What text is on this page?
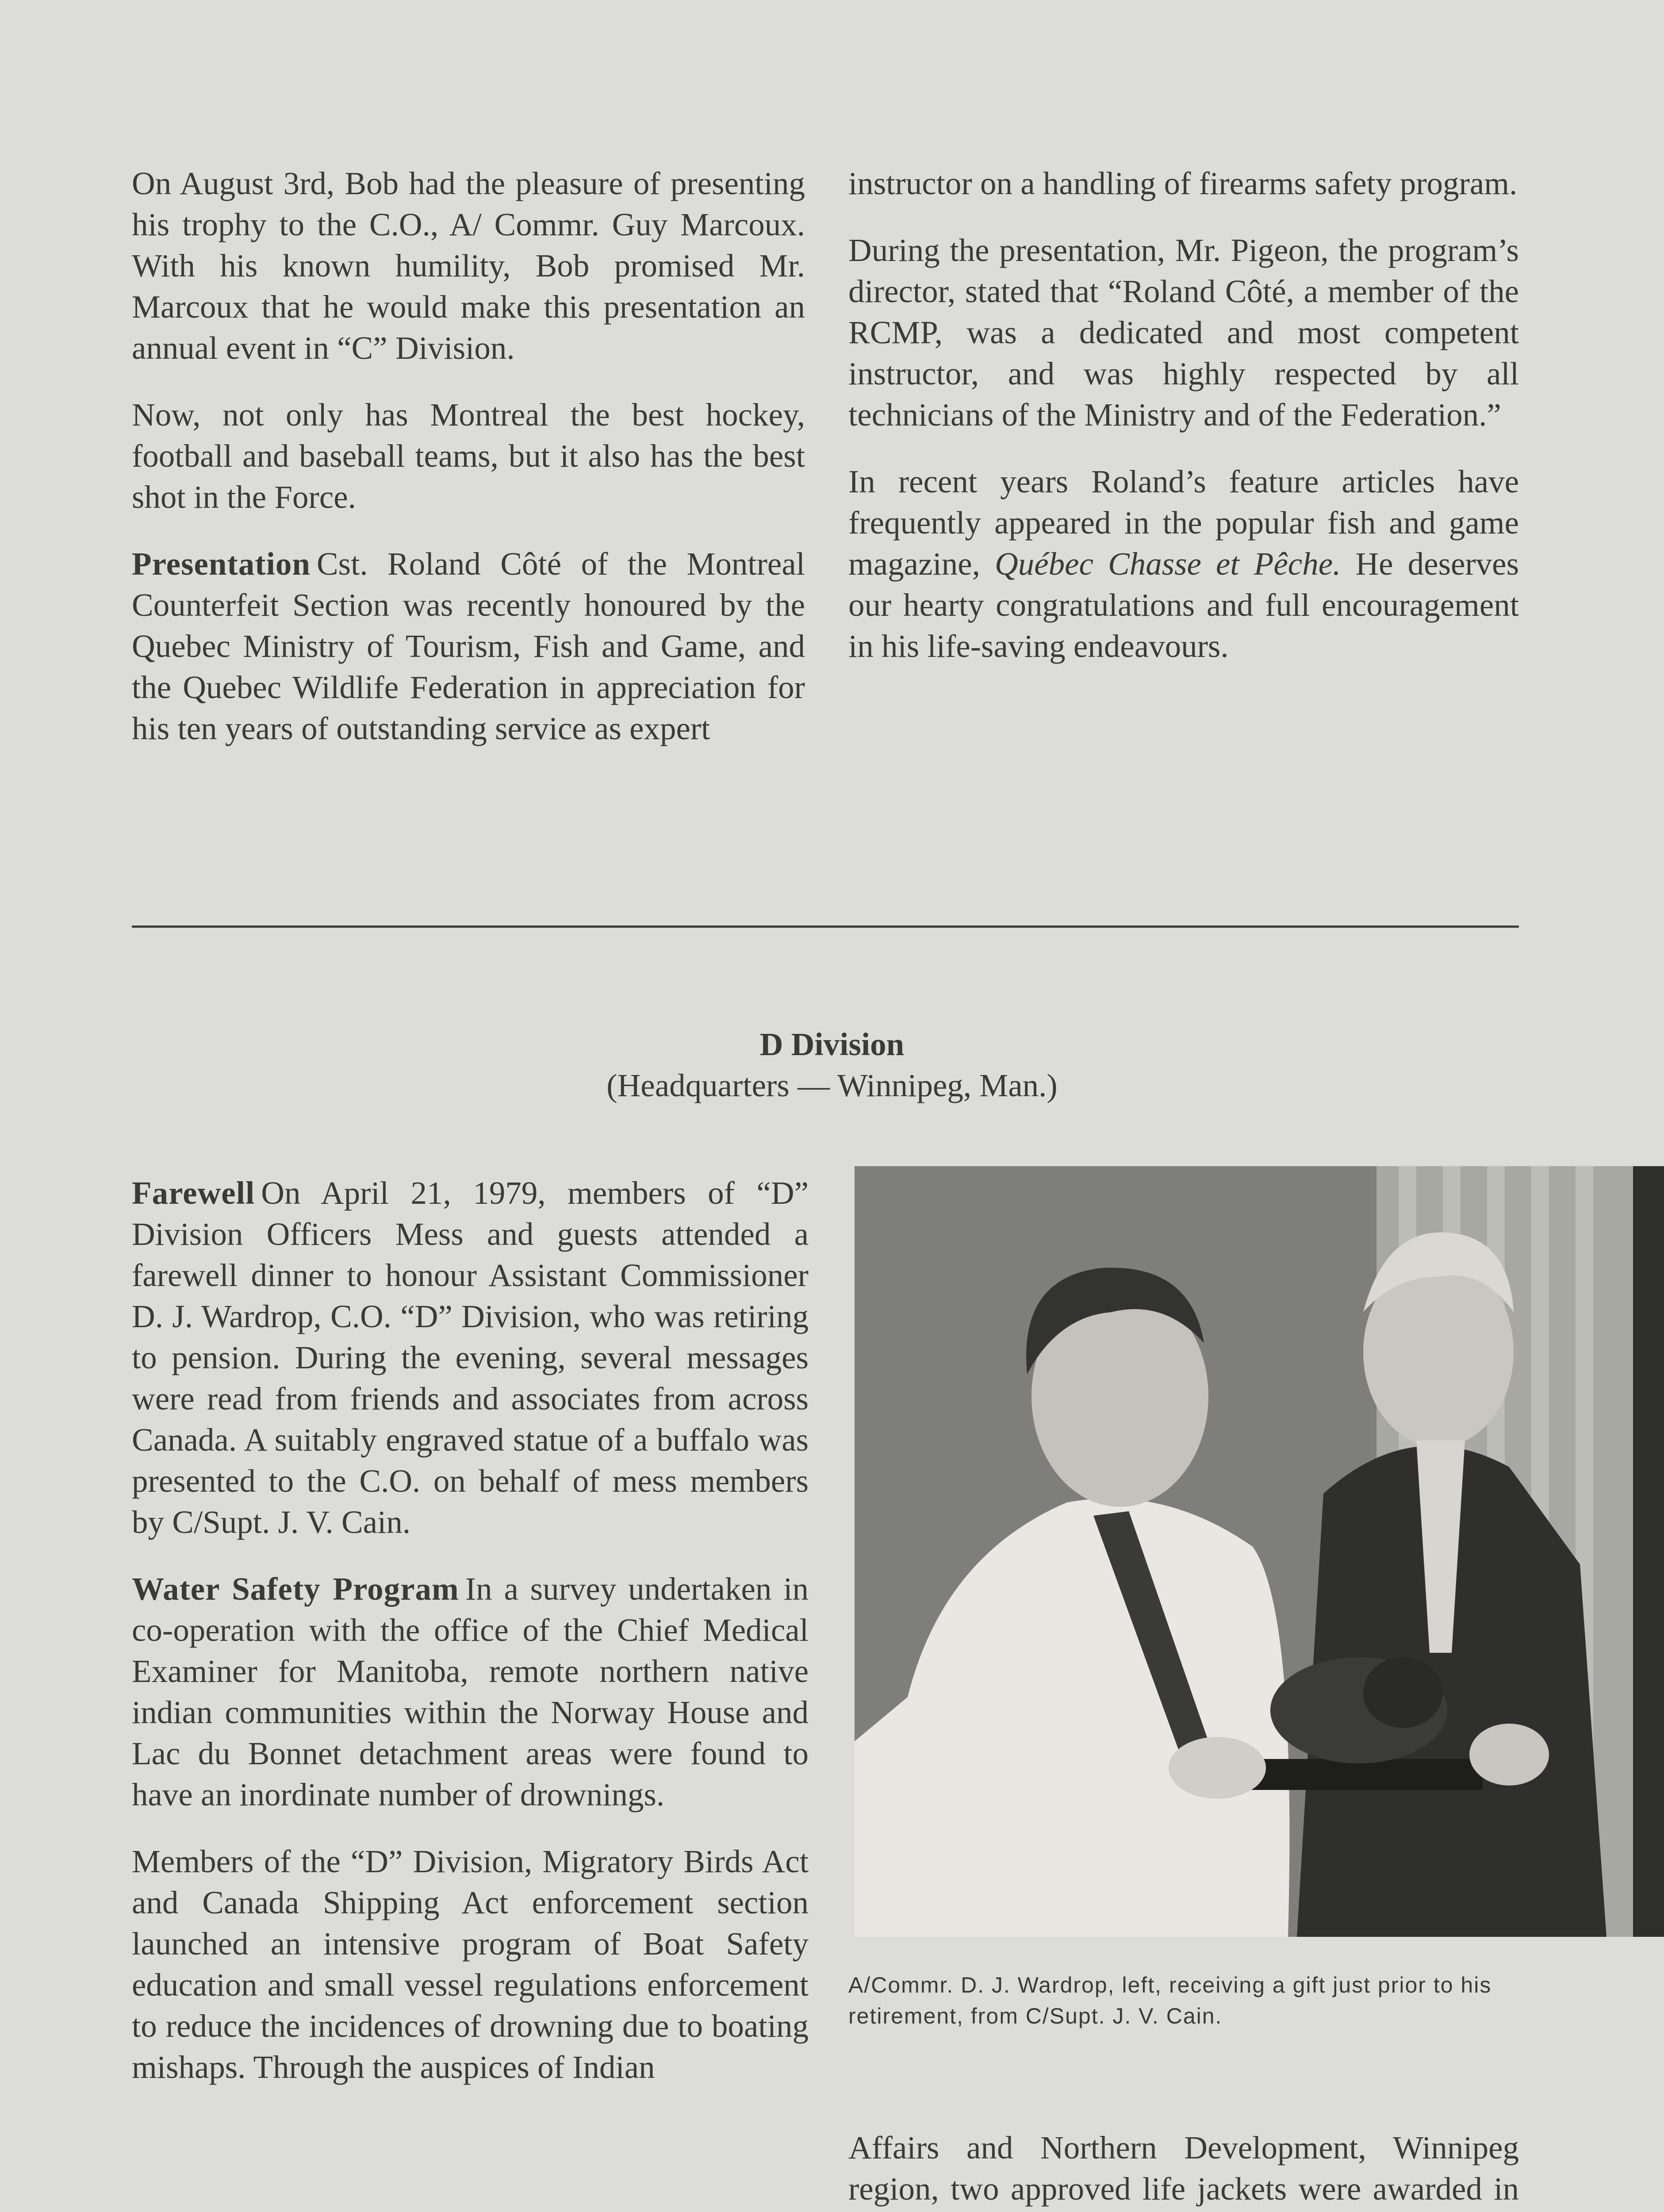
On August 3rd, Bob had the pleasure of presenting his trophy to the C.O., A/ Commr. Guy Marcoux. With his known humility, Bob promised Mr. Marcoux that he would make this presentation an annual event in “C” Division.

Now, not only has Montreal the best hockey, football and baseball teams, but it also has the best shot in the Force.

Presentation Cst. Roland Côté of the Montreal Counterfeit Section was recently honoured by the Quebec Ministry of Tourism, Fish and Game, and the Quebec Wildlife Federation in appreciation for his ten years of outstanding service as expert

instructor on a handling of firearms safety program.

During the presentation, Mr. Pigeon, the program’s director, stated that “Roland Côté, a member of the RCMP, was a dedicated and most competent instructor, and was highly respected by all technicians of the Ministry and of the Federation.”

In recent years Roland’s feature articles have frequently appeared in the popular fish and game magazine, Québec Chasse et Pêche. He deserves our hearty congratulations and full encouragement in his life-saving endeavours.

D Division
(Headquarters — Winnipeg, Man.)

Farewell On April 21, 1979, members of “D” Division Officers Mess and guests attended a farewell dinner to honour Assistant Commissioner D. J. Wardrop, C.O. “D” Division, who was retiring to pension. During the evening, several messages were read from friends and associates from across Canada. A suitably engraved statue of a buffalo was presented to the C.O. on behalf of mess members by C/Supt. J. V. Cain.

Water Safety Program In a survey undertaken in co-operation with the office of the Chief Medical Examiner for Manitoba, remote northern native indian communities within the Norway House and Lac du Bonnet detachment areas were found to have an inordinate number of drownings.

Members of the “D” Division, Migratory Birds Act and Canada Shipping Act enforcement section launched an intensive program of Boat Safety education and small vessel regulations enforcement to reduce the incidences of drowning due to boating mishaps. Through the auspices of Indian

A/Commr. D. J. Wardrop, left, receiving a gift just prior to his retirement, from C/Supt. J. V. Cain.

Affairs and Northern Development, Winnipeg region, two approved life jackets were awarded in
